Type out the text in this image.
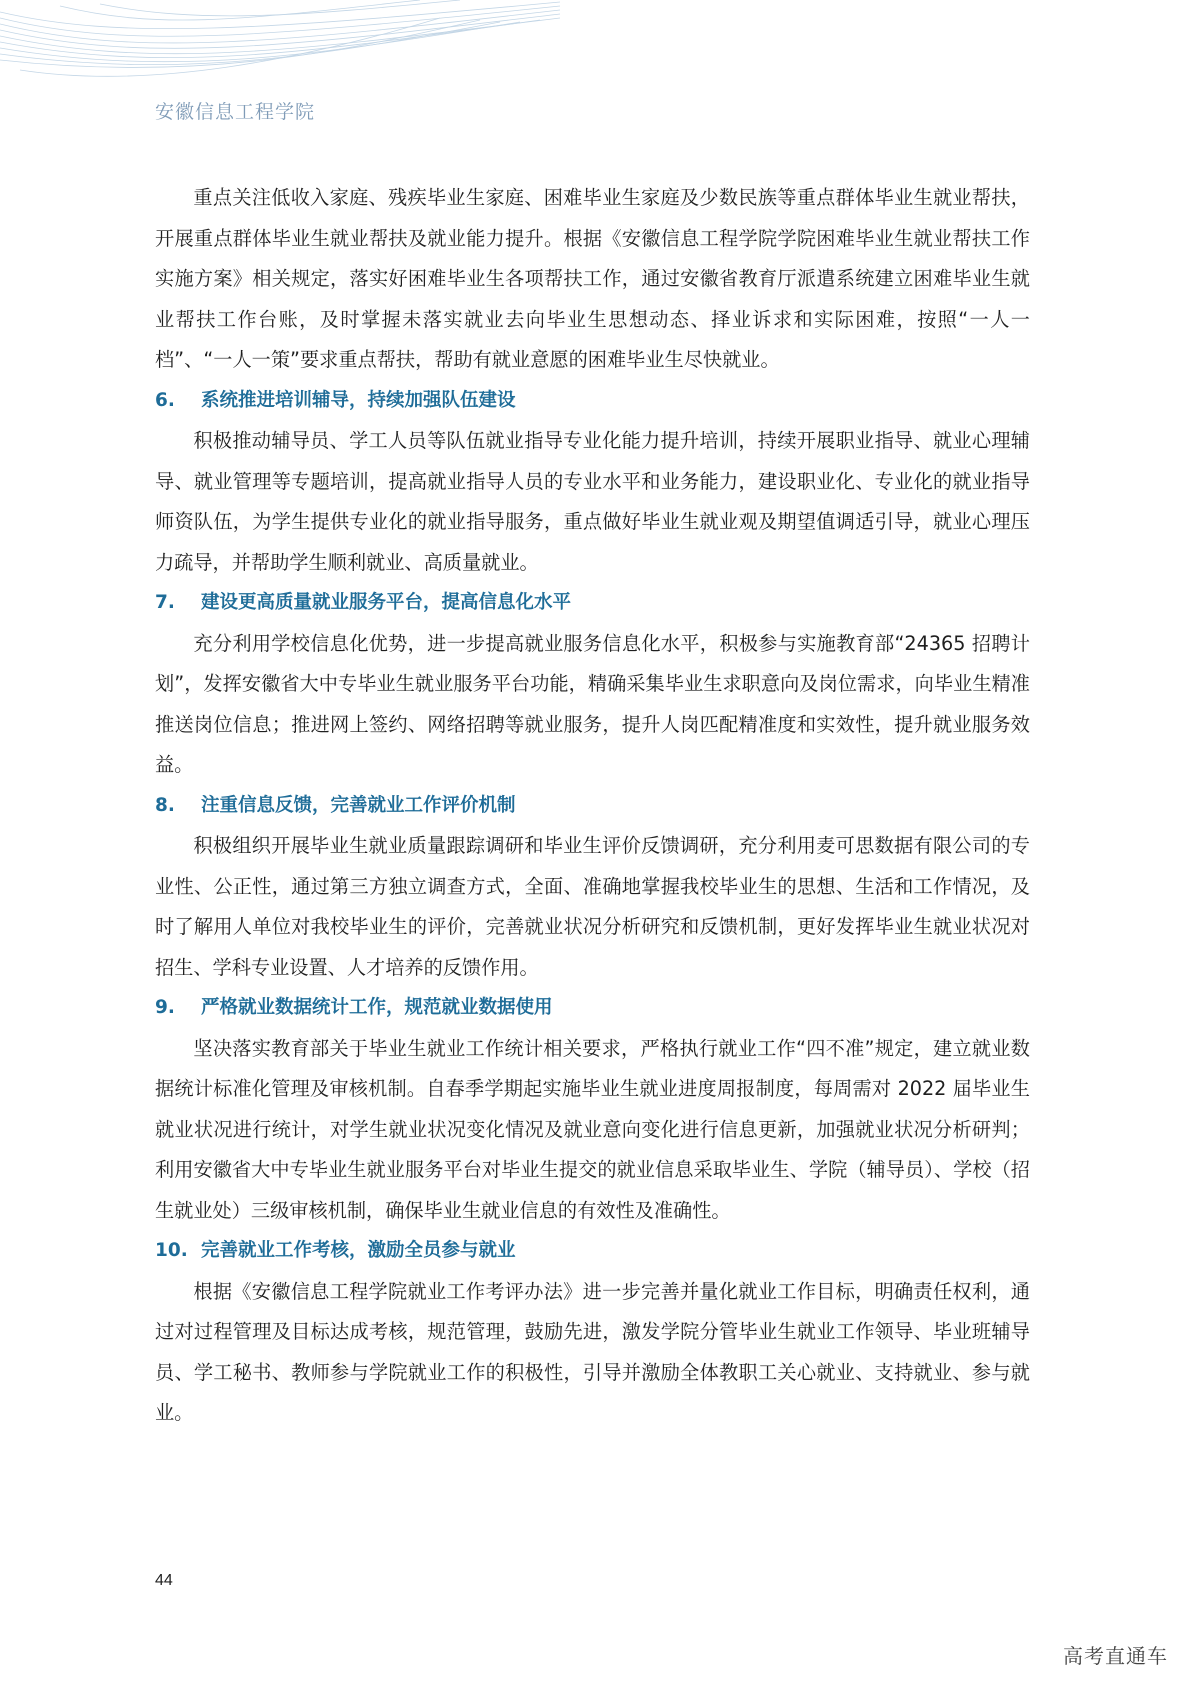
安徽信息工程学院

重点关注低收入家庭、残疾毕业生家庭、困难毕业生家庭及少数民族等重点群体毕业生就业帮扶，开展重点群体毕业生就业帮扶及就业能力提升。根据《安徽信息工程学院学院困难毕业生就业帮扶工作实施方案》相关规定，落实好困难毕业生各项帮扶工作，通过安徽省教育厅派遣系统建立困难毕业生就业帮扶工作台账，及时掌握未落实就业去向毕业生思想动态、择业诉求和实际困难，按照“一人一档”、“一人一策”要求重点帮扶，帮助有就业意愿的困难毕业生尽快就业。

6. 系统推进培训辅导，持续加强队伍建设

积极推动辅导员、学工人员等队伍就业指导专业化能力提升培训，持续开展职业指导、就业心理辅导、就业管理等专题培训，提高就业指导人员的专业水平和业务能力，建设职业化、专业化的就业指导师资队伍，为学生提供专业化的就业指导服务，重点做好毕业生就业观及期望值调适引导，就业心理压力疏导，并帮助学生顺利就业、高质量就业。

7. 建设更高质量就业服务平台，提高信息化水平

充分利用学校信息化优势，进一步提高就业服务信息化水平，积极参与实施教育部“24365 招聘计划”，发挥安徽省大中专毕业生就业服务平台功能，精确采集毕业生求职意向及岗位需求，向毕业生精准推送岗位信息；推进网上签约、网络招聘等就业服务，提升人岗匹配精准度和实效性，提升就业服务效益。

8. 注重信息反馈，完善就业工作评价机制

积极组织开展毕业生就业质量跟踪调研和毕业生评价反馈调研，充分利用麦可思数据有限公司的专业性、公正性，通过第三方独立调查方式，全面、准确地掌握我校毕业生的思想、生活和工作情况，及时了解用人单位对我校毕业生的评价，完善就业状况分析研究和反馈机制，更好发挥毕业生就业状况对招生、学科专业设置、人才培养的反馈作用。

9. 严格就业数据统计工作，规范就业数据使用

坚决落实教育部关于毕业生就业工作统计相关要求，严格执行就业工作“四不准”规定，建立就业数据统计标准化管理及审核机制。自春季学期起实施毕业生就业进度周报制度，每周需对 2022 届毕业生就业状况进行统计，对学生就业状况变化情况及就业意向变化进行信息更新，加强就业状况分析研判；利用安徽省大中专毕业生就业服务平台对毕业生提交的就业信息采取毕业生、学院（辅导员）、学校（招生就业处）三级审核机制，确保毕业生就业信息的有效性及准确性。

10. 完善就业工作考核，激励全员参与就业

根据《安徽信息工程学院就业工作考评办法》进一步完善并量化就业工作目标，明确责任权利，通过对过程管理及目标达成考核，规范管理，鼓励先进，激发学院分管毕业生就业工作领导、毕业班辅导员、学工秘书、教师参与学院就业工作的积极性，引导并激励全体教职工关心就业、支持就业、参与就业。

44
高考直通车
